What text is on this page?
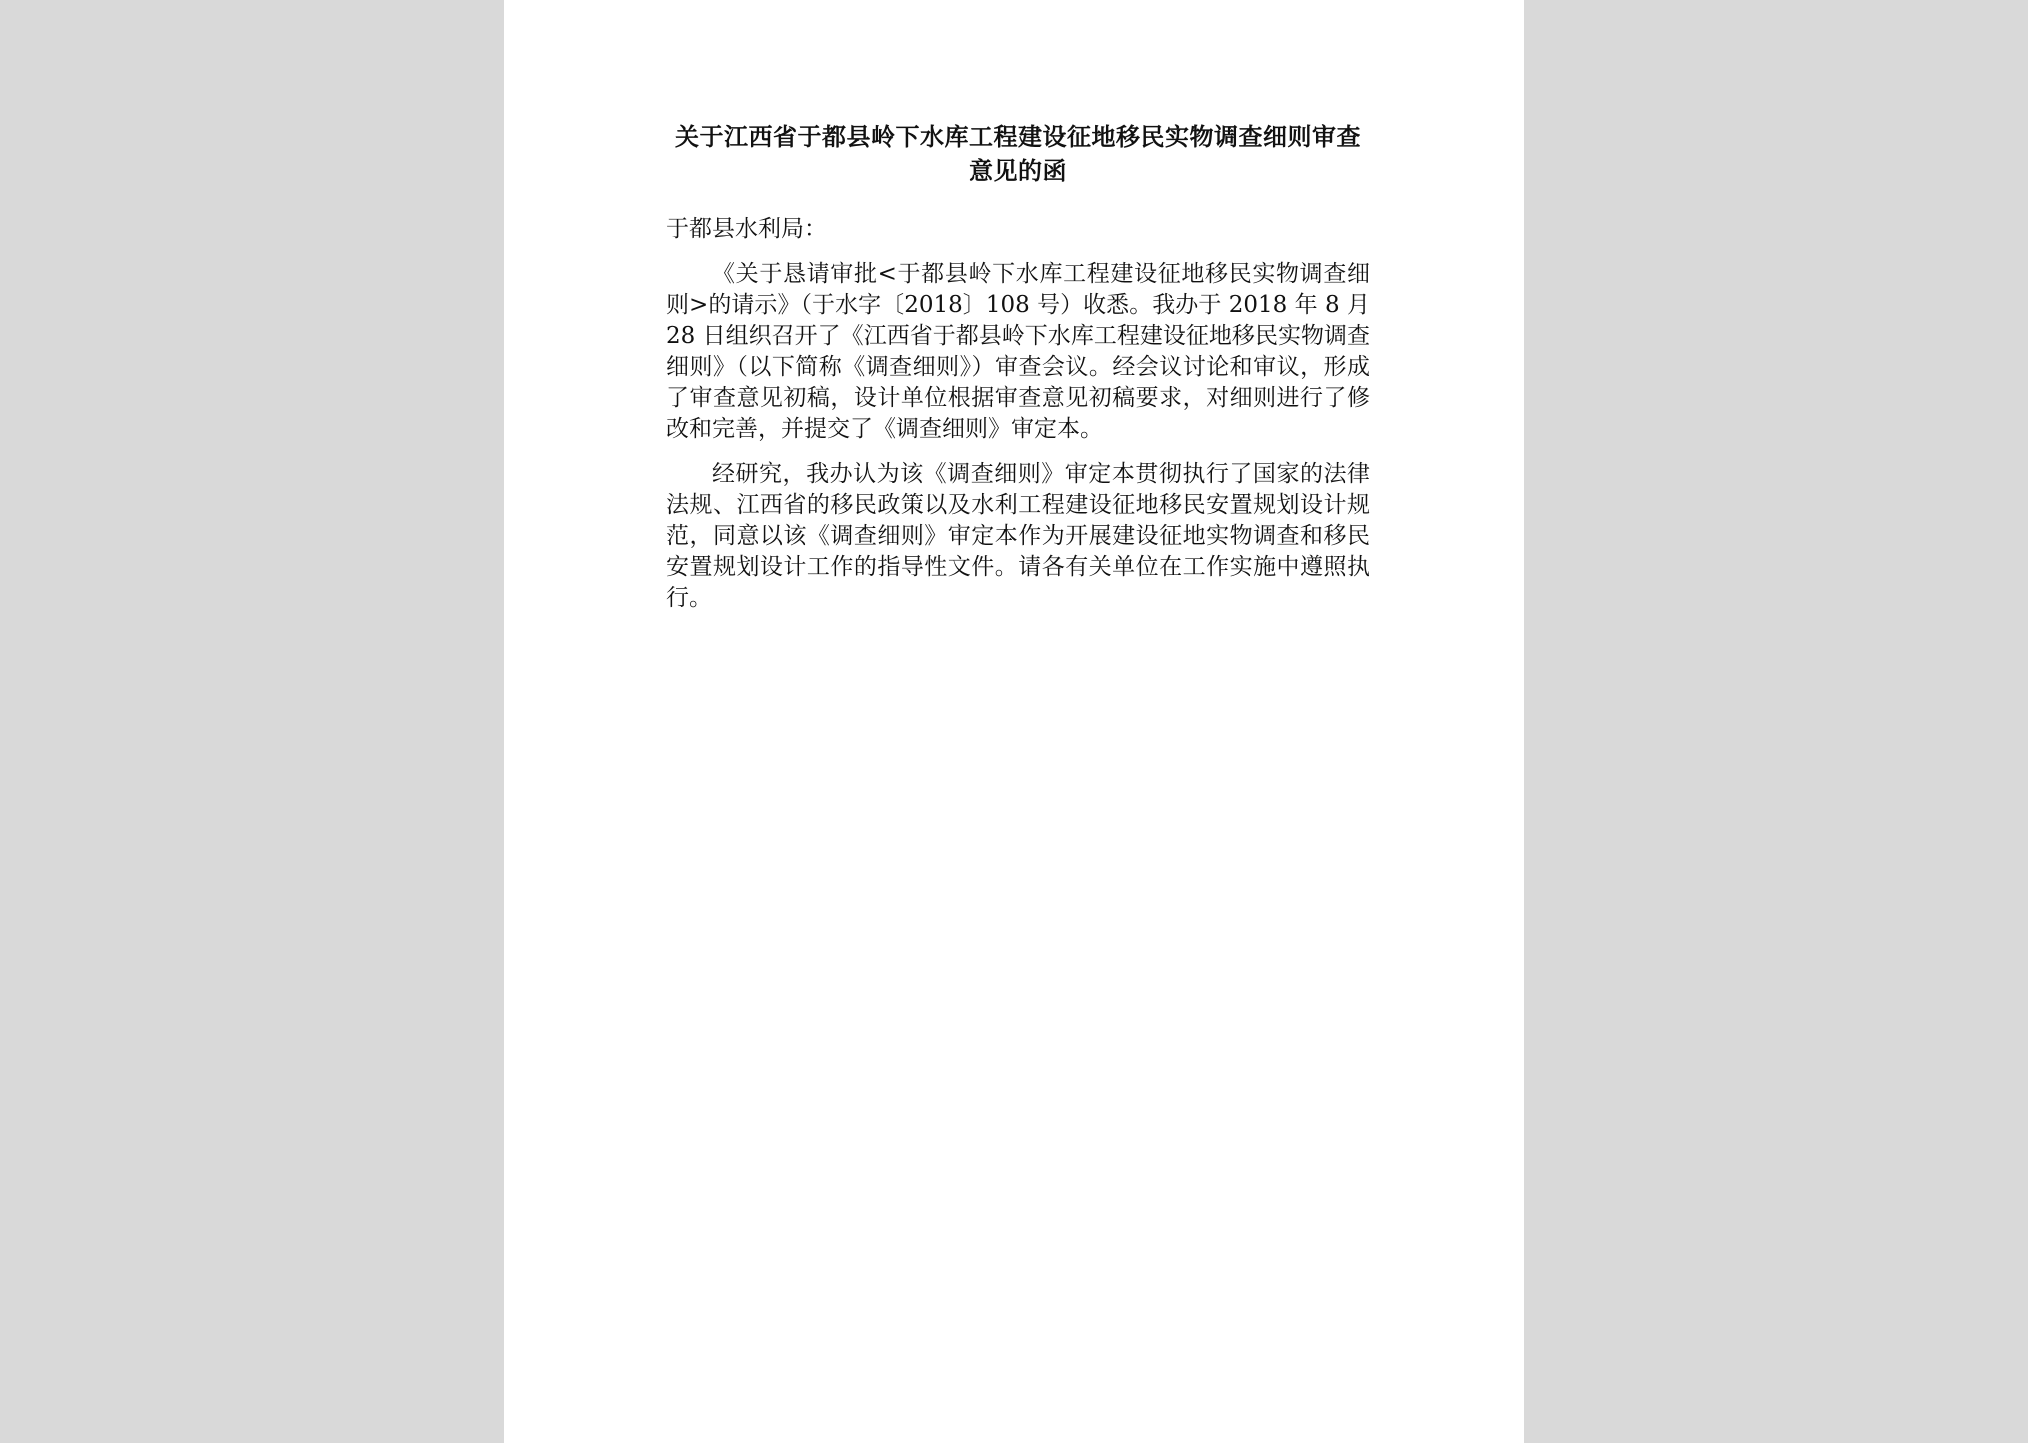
关于江西省于都县岭下水库工程建设征地移民实物调查细则审查意见的函

于都县水利局：

《关于恳请审批<于都县岭下水库工程建设征地移民实物调查细则>的请示》（于水字〔2018〕108 号）收悉。我办于 2018 年 8 月 28 日组织召开了《江西省于都县岭下水库工程建设征地移民实物调查细则》（以下简称《调查细则》）审查会议。经会议讨论和审议，形成了审查意见初稿，设计单位根据审查意见初稿要求，对细则进行了修改和完善，并提交了《调查细则》审定本。

经研究，我办认为该《调查细则》审定本贯彻执行了国家的法律法规、江西省的移民政策以及水利工程建设征地移民安置规划设计规范，同意以该《调查细则》审定本作为开展建设征地实物调查和移民安置规划设计工作的指导性文件。请各有关单位在工作实施中遵照执行。
